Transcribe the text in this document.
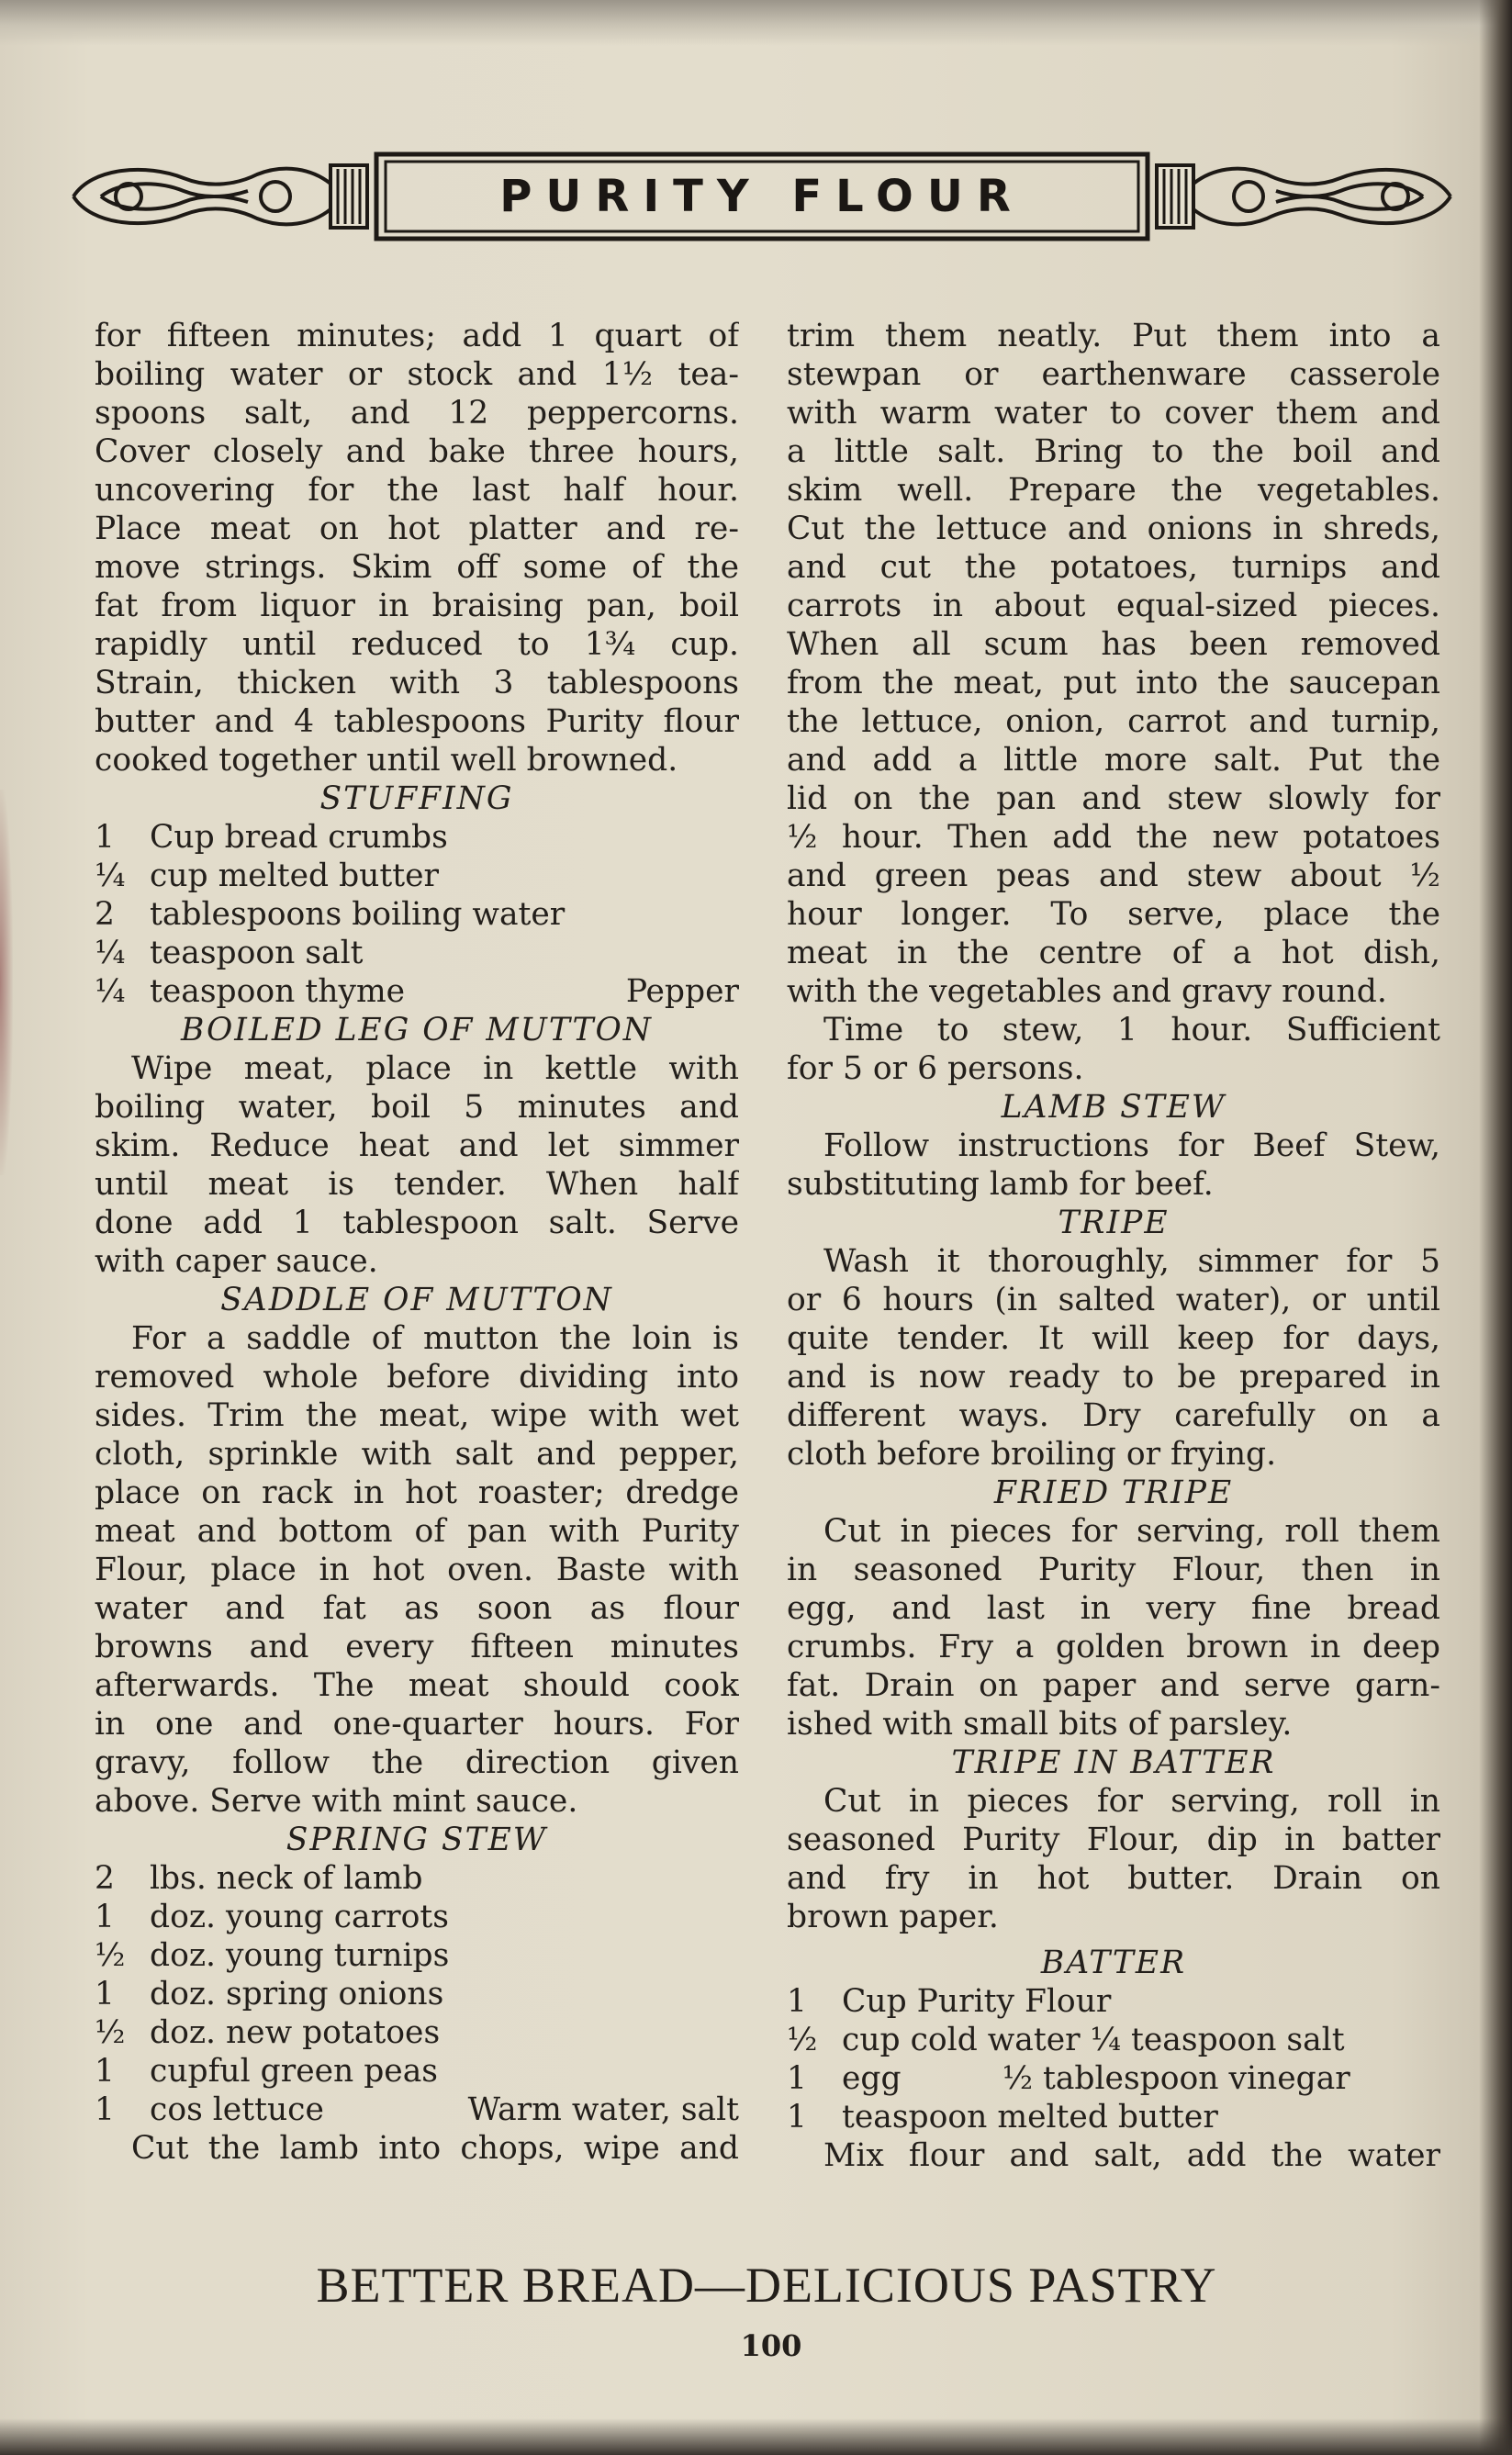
PURITY FLOUR
for fifteen minutes; add 1 quart of
boiling water or stock and 1½ tea-
spoons salt, and 12 peppercorns.
Cover closely and bake three hours,
uncovering for the last half hour.
Place meat on hot platter and re-
move strings. Skim off some of the
fat from liquor in braising pan, boil
rapidly until reduced to 1¾ cup.
Strain, thicken with 3 tablespoons
butter and 4 tablespoons Purity flour
cooked together until well browned.
STUFFING
1 Cup bread crumbs
¼ cup melted butter
2 tablespoons boiling water
¼ teaspoon salt
¼ teaspoon thyme	Pepper
BOILED LEG OF MUTTON
Wipe meat, place in kettle with
boiling water, boil 5 minutes and
skim. Reduce heat and let simmer
until meat is tender. When half
done add 1 tablespoon salt. Serve
with caper sauce.
SADDLE OF MUTTON
For a saddle of mutton the loin is
removed whole before dividing into
sides. Trim the meat, wipe with wet
cloth, sprinkle with salt and pepper,
place on rack in hot roaster; dredge
meat and bottom of pan with Purity
Flour, place in hot oven. Baste with
water and fat as soon as flour
browns and every fifteen minutes
afterwards. The meat should cook
in one and one-quarter hours. For
gravy, follow the direction given
above. Serve with mint sauce.
SPRING STEW
2 lbs. neck of lamb
1 doz. young carrots
½ doz. young turnips
1 doz. spring onions
½ doz. new potatoes
1 cupful green peas
1 cos lettuce	Warm water, salt
Cut the lamb into chops, wipe and
trim them neatly. Put them into a
stewpan or earthenware casserole
with warm water to cover them and
a little salt. Bring to the boil and
skim well. Prepare the vegetables.
Cut the lettuce and onions in shreds,
and cut the potatoes, turnips and
carrots in about equal-sized pieces.
When all scum has been removed
from the meat, put into the saucepan
the lettuce, onion, carrot and turnip,
and add a little more salt. Put the
lid on the pan and stew slowly for
½ hour. Then add the new potatoes
and green peas and stew about ½
hour longer. To serve, place the
meat in the centre of a hot dish,
with the vegetables and gravy round.
Time to stew, 1 hour. Sufficient
for 5 or 6 persons.
LAMB STEW
Follow instructions for Beef Stew,
substituting lamb for beef.
TRIPE
Wash it thoroughly, simmer for 5
or 6 hours (in salted water), or until
quite tender. It will keep for days,
and is now ready to be prepared in
different ways. Dry carefully on a
cloth before broiling or frying.
FRIED TRIPE
Cut in pieces for serving, roll them
in seasoned Purity Flour, then in
egg, and last in very fine bread
crumbs. Fry a golden brown in deep
fat. Drain on paper and serve garn-
ished with small bits of parsley.
TRIPE IN BATTER
Cut in pieces for serving, roll in
seasoned Purity Flour, dip in batter
and fry in hot butter. Drain on
brown paper.
BATTER
1 Cup Purity Flour
½ cup cold water ¼ teaspoon salt
1 egg	½ tablespoon vinegar
1 teaspoon melted butter
Mix flour and salt, add the water
BETTER BREAD—DELICIOUS PASTRY
100
